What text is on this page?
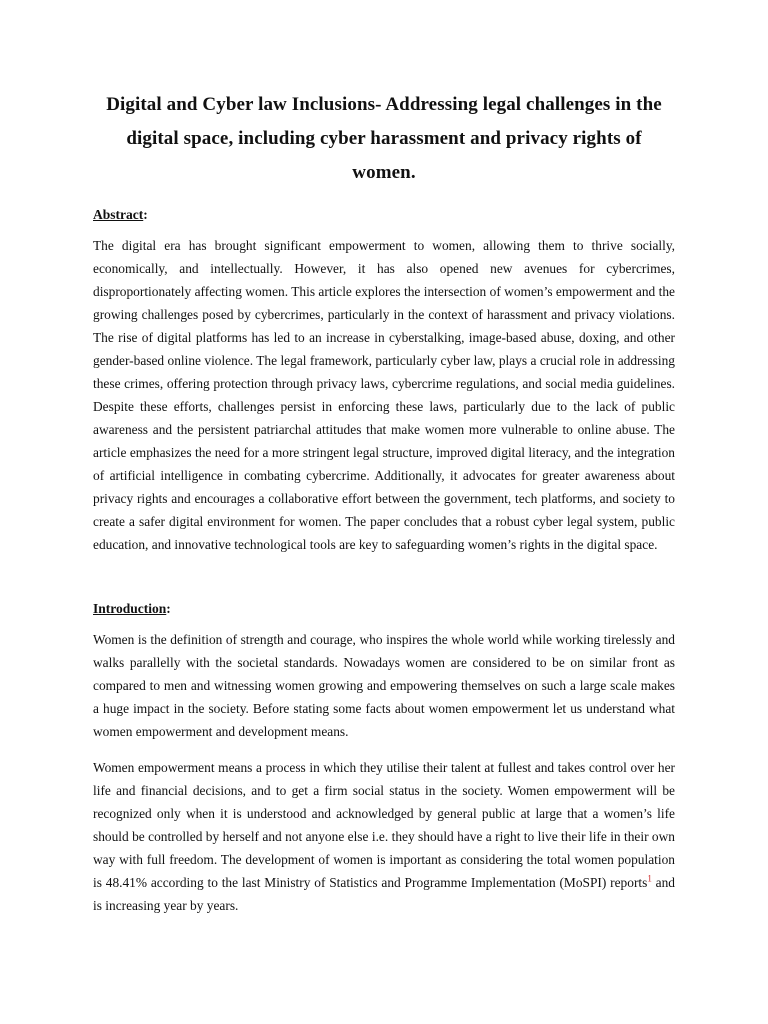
Digital and Cyber law Inclusions- Addressing legal challenges in the digital space, including cyber harassment and privacy rights of women.
Abstract:

The digital era has brought significant empowerment to women, allowing them to thrive socially, economically, and intellectually. However, it has also opened new avenues for cybercrimes, disproportionately affecting women. This article explores the intersection of women’s empowerment and the growing challenges posed by cybercrimes, particularly in the context of harassment and privacy violations. The rise of digital platforms has led to an increase in cyberstalking, image-based abuse, doxing, and other gender-based online violence. The legal framework, particularly cyber law, plays a crucial role in addressing these crimes, offering protection through privacy laws, cybercrime regulations, and social media guidelines. Despite these efforts, challenges persist in enforcing these laws, particularly due to the lack of public awareness and the persistent patriarchal attitudes that make women more vulnerable to online abuse. The article emphasizes the need for a more stringent legal structure, improved digital literacy, and the integration of artificial intelligence in combating cybercrime. Additionally, it advocates for greater awareness about privacy rights and encourages a collaborative effort between the government, tech platforms, and society to create a safer digital environment for women. The paper concludes that a robust cyber legal system, public education, and innovative technological tools are key to safeguarding women’s rights in the digital space.

Introduction:

Women is the definition of strength and courage, who inspires the whole world while working tirelessly and walks parallelly with the societal standards. Nowadays women are considered to be on similar front as compared to men and witnessing women growing and empowering themselves on such a large scale makes a huge impact in the society. Before stating some facts about women empowerment let us understand what women empowerment and development means.

Women empowerment means a process in which they utilise their talent at fullest and takes control over her life and financial decisions, and to get a firm social status in the society. Women empowerment will be recognized only when it is understood and acknowledged by general public at large that a women’s life should be controlled by herself and not anyone else i.e. they should have a right to live their life in their own way with full freedom. The development of women is important as considering the total women population is 48.41% according to the last Ministry of Statistics and Programme Implementation (MoSPI) reports$^1$ and is increasing year by years.
